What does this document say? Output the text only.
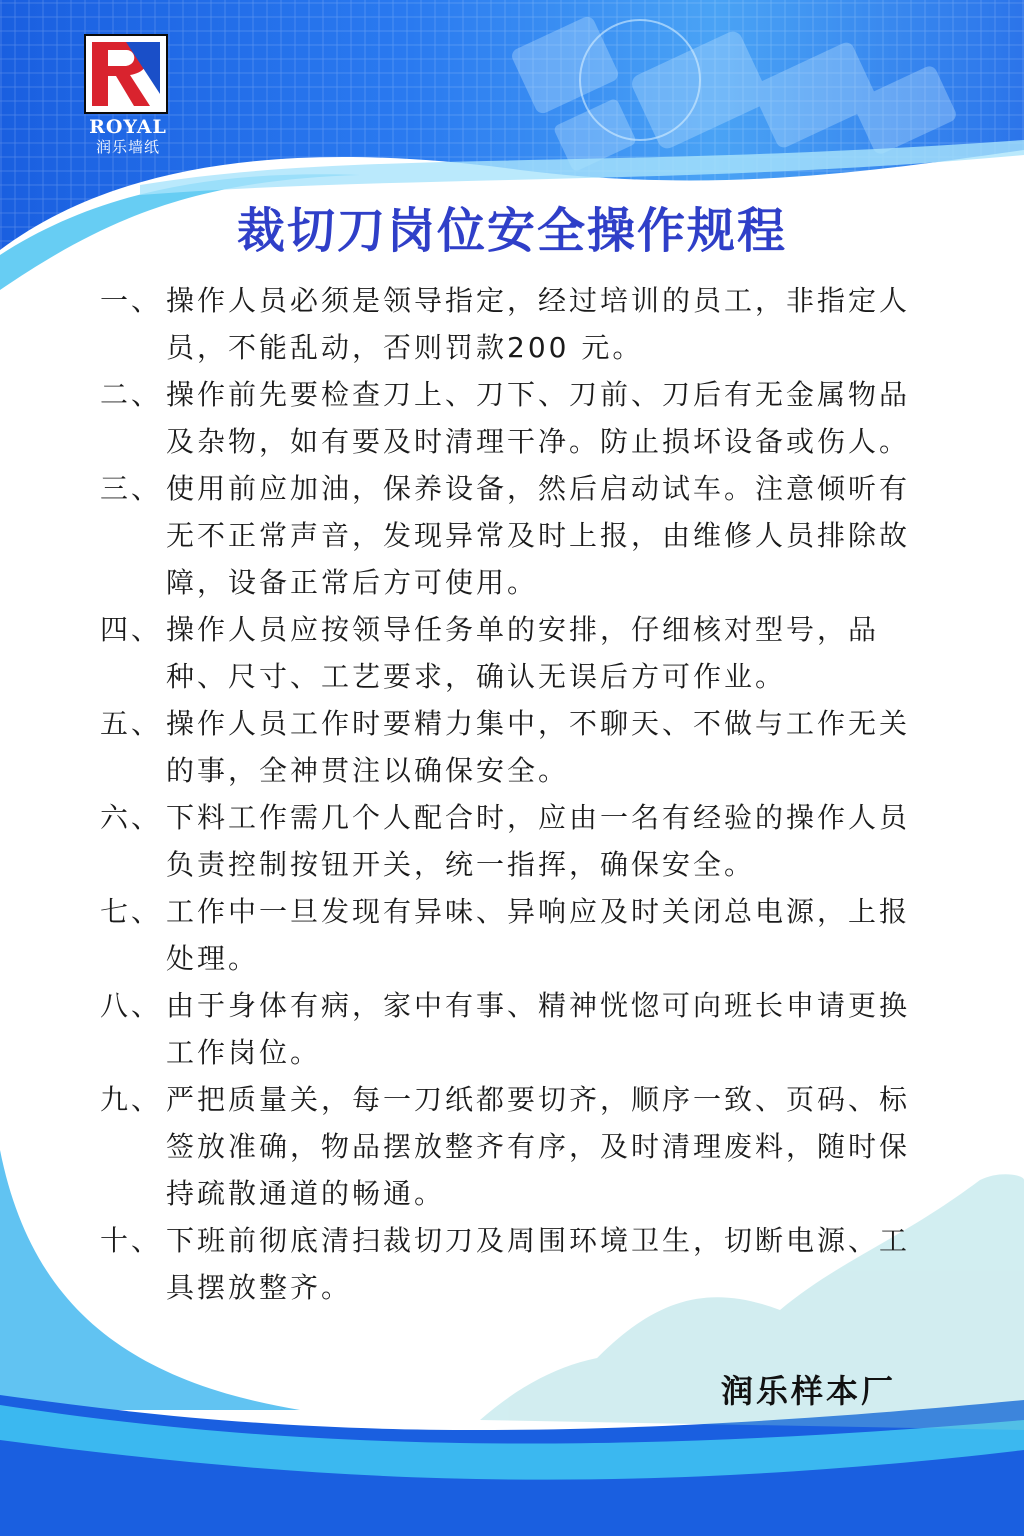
ROYAL
润乐墙纸
裁切刀岗位安全操作规程
一、 操作人员必须是领导指定，经过培训的员工，非指定人员，不能乱动，否则罚款200 元。
二、 操作前先要检查刀上、刀下、刀前、刀后有无金属物品及杂物，如有要及时清理干净。防止损坏设备或伤人。
三、 使用前应加油，保养设备，然后启动试车。注意倾听有无不正常声音，发现异常及时上报，由维修人员排除故障，设备正常后方可使用。
四、 操作人员应按领导任务单的安排，仔细核对型号，品种、尺寸、工艺要求，确认无误后方可作业。
五、 操作人员工作时要精力集中，不聊天、不做与工作无关的事，全神贯注以确保安全。
六、 下料工作需几个人配合时，应由一名有经验的操作人员负责控制按钮开关，统一指挥，确保安全。
七、 工作中一旦发现有异味、异响应及时关闭总电源，上报处理。
八、 由于身体有病，家中有事、精神恍惚可向班长申请更换工作岗位。
九、 严把质量关，每一刀纸都要切齐，顺序一致、页码、标签放准确，物品摆放整齐有序，及时清理废料，随时保持疏散通道的畅通。
十、 下班前彻底清扫裁切刀及周围环境卫生，切断电源、工具摆放整齐。
润乐样本厂
